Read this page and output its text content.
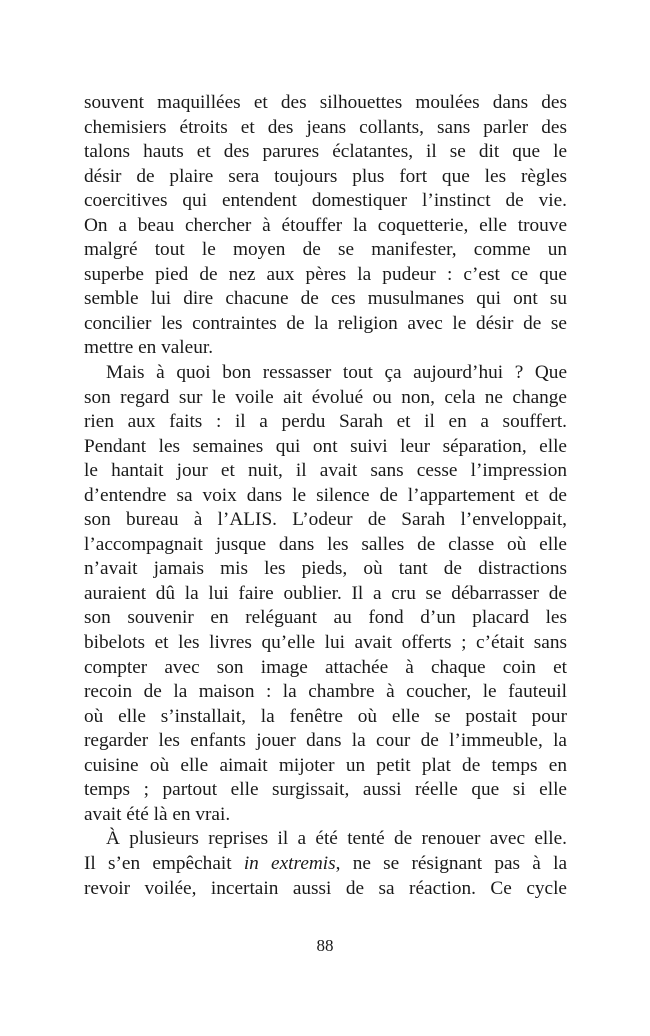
souvent maquillées et des silhouettes moulées dans des
chemisiers étroits et des jeans collants, sans parler des
talons hauts et des parures éclatantes, il se dit que le
désir de plaire sera toujours plus fort que les règles
coercitives qui entendent domestiquer l’instinct de vie.
On a beau chercher à étouffer la coquetterie, elle trouve
malgré tout le moyen de se manifester, comme un
superbe pied de nez aux pères la pudeur : c’est ce que
semble lui dire chacune de ces musulmanes qui ont su
concilier les contraintes de la religion avec le désir de se
mettre en valeur.
Mais à quoi bon ressasser tout ça aujourd’hui ? Que
son regard sur le voile ait évolué ou non, cela ne change
rien aux faits : il a perdu Sarah et il en a souffert.
Pendant les semaines qui ont suivi leur séparation, elle
le hantait jour et nuit, il avait sans cesse l’impression
d’entendre sa voix dans le silence de l’appartement et de
son bureau à l’ALIS. L’odeur de Sarah l’enveloppait,
l’accompagnait jusque dans les salles de classe où elle
n’avait jamais mis les pieds, où tant de distractions
auraient dû la lui faire oublier. Il a cru se débarrasser de
son souvenir en reléguant au fond d’un placard les
bibelots et les livres qu’elle lui avait offerts ; c’était sans
compter avec son image attachée à chaque coin et
recoin de la maison : la chambre à coucher, le fauteuil
où elle s’installait, la fenêtre où elle se postait pour
regarder les enfants jouer dans la cour de l’immeuble, la
cuisine où elle aimait mijoter un petit plat de temps en
temps ; partout elle surgissait, aussi réelle que si elle
avait été là en vrai.
À plusieurs reprises il a été tenté de renouer avec elle.
Il s’en empêchait in extremis, ne se résignant pas à la
revoir voilée, incertain aussi de sa réaction. Ce cycle
88
